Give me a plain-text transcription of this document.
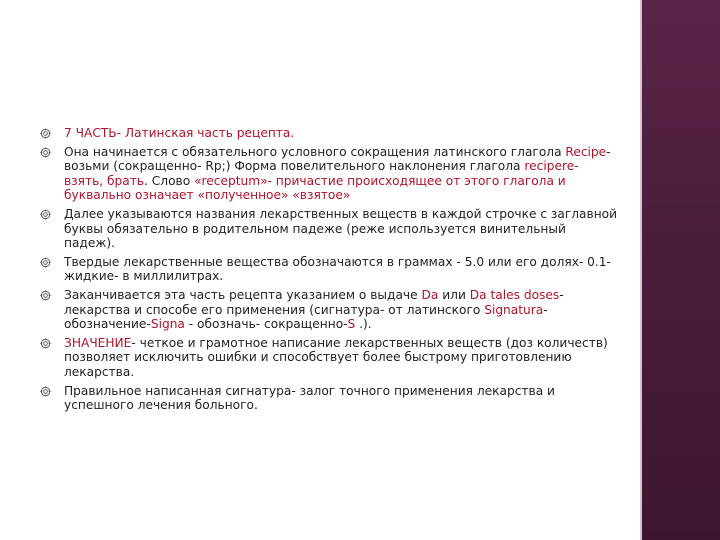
7 ЧАСТЬ- Латинская часть рецепта.
Она начинается с обязательного условного сокращения латинского глагола Recipe-возьми (сокращенно- Rp;) Форма повелительного наклонения глагола recipere- взять, брать. Слово «receptum»- причастие происходящее от этого глагола и буквально означает «полученное» «взятое»
Далее указываются названия лекарственных веществ в каждой строчке с заглавной буквы обязательно в родительном падеже (реже используется винительный падеж).
Твердые лекарственные вещества обозначаются в граммах - 5.0 или его долях- 0.1- жидкие- в миллилитрах.
Заканчивается эта часть рецепта указанием о выдаче Da или Da tales doses- лекарства и способе его применения (сигнатура- от латинского Signatura- обозначение-Signa - обозначь- сокращенно-S .).
ЗНАЧЕНИЕ- четкое и грамотное написание лекарственных веществ (доз количеств) позволяет исключить ошибки и способствует более быстрому приготовлению лекарства.
Правильное написанная сигнатура- залог точного применения лекарства и успешного лечения больного.
